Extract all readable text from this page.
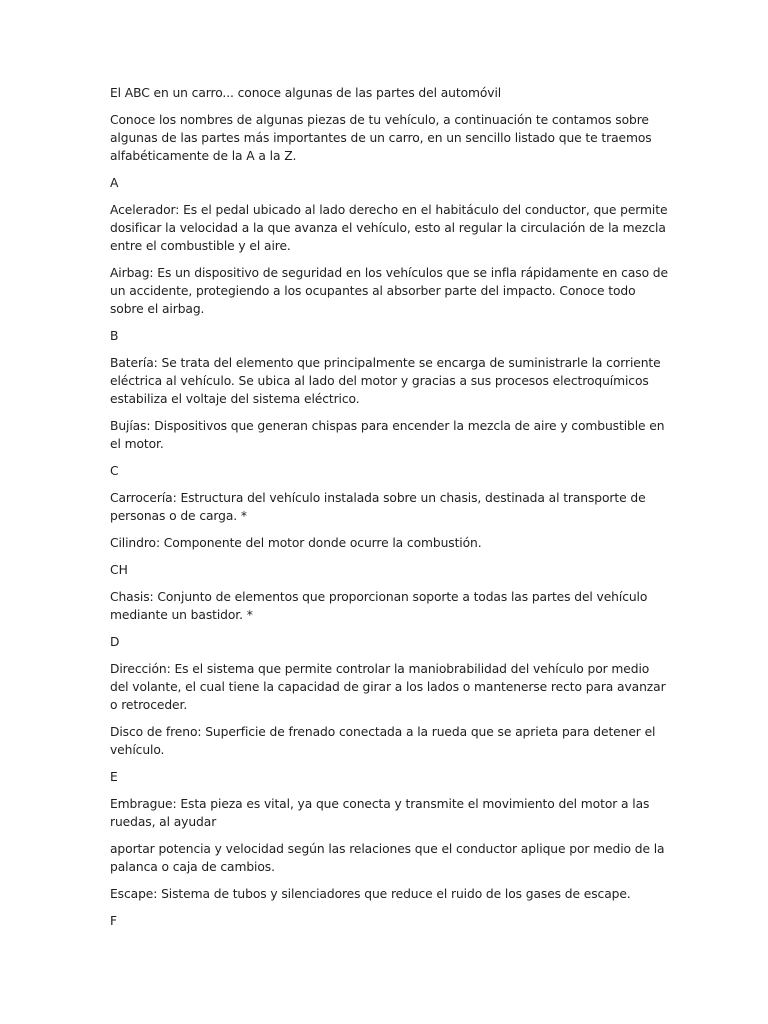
El ABC en un carro... conoce algunas de las partes del automóvil

Conoce los nombres de algunas piezas de tu vehículo, a continuación te contamos sobre algunas de las partes más importantes de un carro, en un sencillo listado que te traemos alfabéticamente de la A a la Z.

A

Acelerador: Es el pedal ubicado al lado derecho en el habitáculo del conductor, que permite dosificar la velocidad a la que avanza el vehículo, esto al regular la circulación de la mezcla entre el combustible y el aire.

Airbag: Es un dispositivo de seguridad en los vehículos que se infla rápidamente en caso de un accidente, protegiendo a los ocupantes al absorber parte del impacto. Conoce todo sobre el airbag.

B

Batería: Se trata del elemento que principalmente se encarga de suministrarle la corriente eléctrica al vehículo. Se ubica al lado del motor y gracias a sus procesos electroquímicos estabiliza el voltaje del sistema eléctrico.

Bujías: Dispositivos que generan chispas para encender la mezcla de aire y combustible en el motor.

C

Carrocería: Estructura del vehículo instalada sobre un chasis, destinada al transporte de personas o de carga. *

Cilindro: Componente del motor donde ocurre la combustión.

CH

Chasis: Conjunto de elementos que proporcionan soporte a todas las partes del vehículo mediante un bastidor. *

D

Dirección: Es el sistema que permite controlar la maniobrabilidad del vehículo por medio del volante, el cual tiene la capacidad de girar a los lados o mantenerse recto para avanzar o retroceder.

Disco de freno: Superficie de frenado conectada a la rueda que se aprieta para detener el vehículo.

E

Embrague: Esta pieza es vital, ya que conecta y transmite el movimiento del motor a las ruedas, al ayudar

aportar potencia y velocidad según las relaciones que el conductor aplique por medio de la palanca o caja de cambios.

Escape: Sistema de tubos y silenciadores que reduce el ruido de los gases de escape.

F
